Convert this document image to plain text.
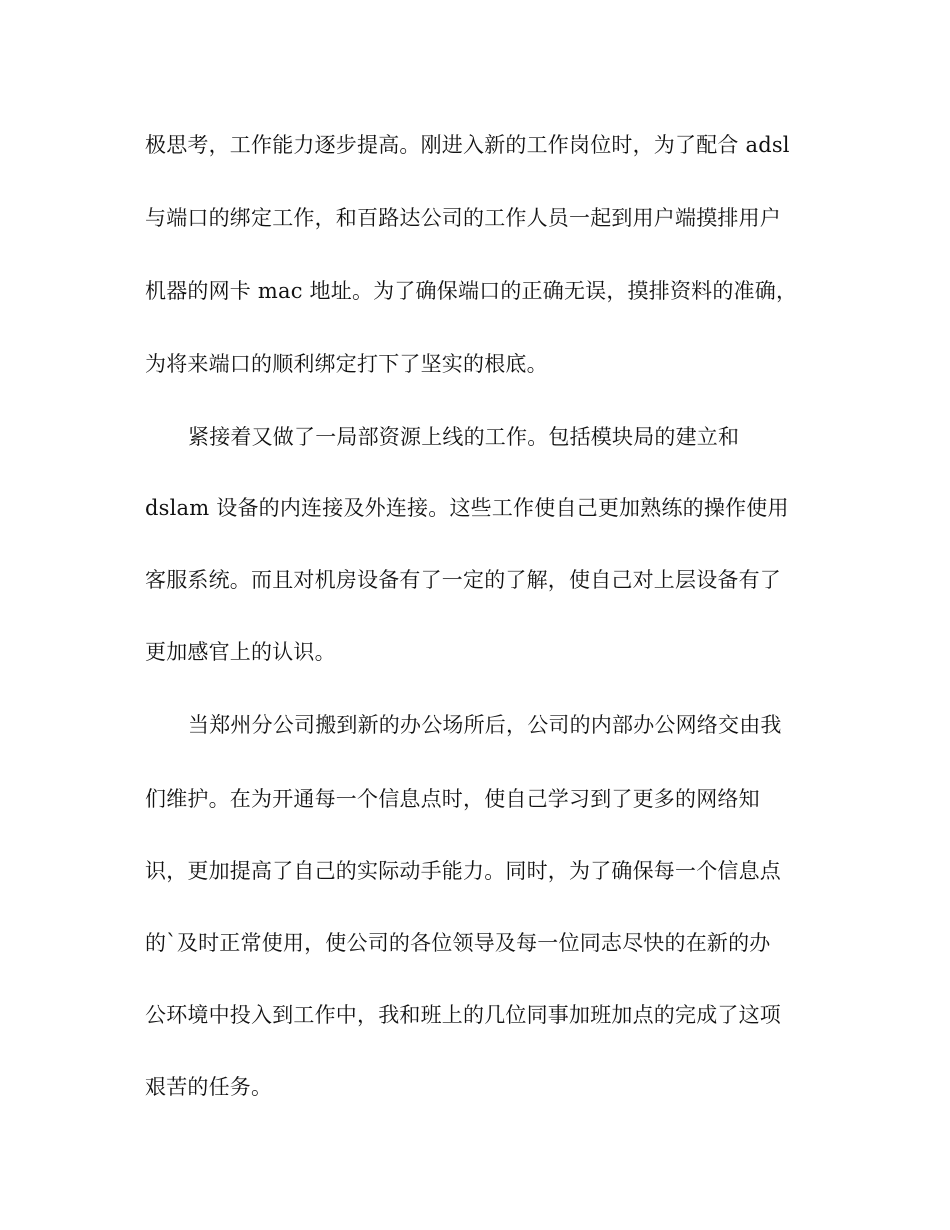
极思考，工作能力逐步提高。刚进入新的工作岗位时，为了配合 adsl
与端口的绑定工作，和百路达公司的工作人员一起到用户端摸排用户
机器的网卡 mac 地址。为了确保端口的正确无误，摸排资料的准确，
为将来端口的顺利绑定打下了坚实的根底。
紧接着又做了一局部资源上线的工作。包括模块局的建立和
dslam 设备的内连接及外连接。这些工作使自己更加熟练的操作使用
客服系统。而且对机房设备有了一定的了解，使自己对上层设备有了
更加感官上的认识。
当郑州分公司搬到新的办公场所后，公司的内部办公网络交由我
们维护。在为开通每一个信息点时，使自己学习到了更多的网络知
识，更加提高了自己的实际动手能力。同时，为了确保每一个信息点
的`及时正常使用，使公司的各位领导及每一位同志尽快的在新的办
公环境中投入到工作中，我和班上的几位同事加班加点的完成了这项
艰苦的任务。
